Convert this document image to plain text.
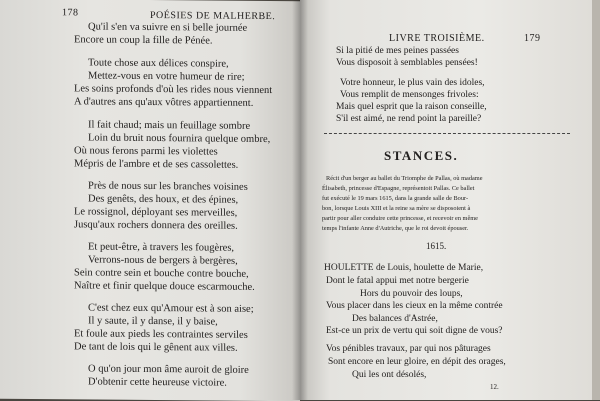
178	POÉSIES DE MALHERBE.
Qu'il s'en va suivre en si belle journée
Encore un coup la fille de Pénée.
Toute chose aux délices conspire,
Mettez-vous en votre humeur de rire;
Les soins profonds d'où les rides nous viennent
A d'autres ans qu'aux vôtres appartiennent.
Il fait chaud; mais un feuillage sombre
Loin du bruit nous fournira quelque ombre,
Où nous ferons parmi les violettes
Mépris de l'ambre et de ses cassolettes.
Près de nous sur les branches voisines
Des genêts, des houx, et des épines,
Le rossignol, déployant ses merveilles,
Jusqu'aux rochers donnera des oreilles.
Et peut-être, à travers les fougères,
Verrons-nous de bergers à bergères,
Sein contre sein et bouche contre bouche,
Naître et finir quelque douce escarmouche.
C'est chez eux qu'Amour est à son aise;
Il y saute, il y danse, il y baise,
Et foule aux pieds les contraintes serviles
De tant de lois qui le gênent aux villes.
O qu'on jour mon âme auroit de gloire
D'obtenir cette heureuse victoire.
LIVRE TROISIÈME.	179
Si la pitié de mes peines passées
Vous disposoit à semblables pensées!
Votre honneur, le plus vain des idoles,
Vous remplit de mensonges frivoles:
Mais quel esprit que la raison conseille,
S'il est aimé, ne rend point la pareille?
STANCES.
Récit d'un berger au ballet du Triomphe de Pallas, où madame
Élisabeth, princesse d'Espagne, représentoit Pallas. Ce ballet
fut exécuté le 19 mars 1615, dans la grande salle de Bour-
bon, lorsque Louis XIII et la reine sa mère se disposoient à
partir pour aller conduire cette princesse, et recevoir en même
temps l'infante Anne d'Autriche, que le roi devoit épouser.
1615.
HOULETTE de Louis, houlette de Marie,
Dont le fatal appui met notre bergerie
Hors du pouvoir des loups,
Vous placer dans les cieux en la même contrée
Des balances d'Astrée,
Est-ce un prix de vertu qui soit digne de vous?
Vos pénibles travaux, par qui nos pâturages
Sont encore en leur gloire, en dépit des orages,
Qui les ont désolés,
12.
